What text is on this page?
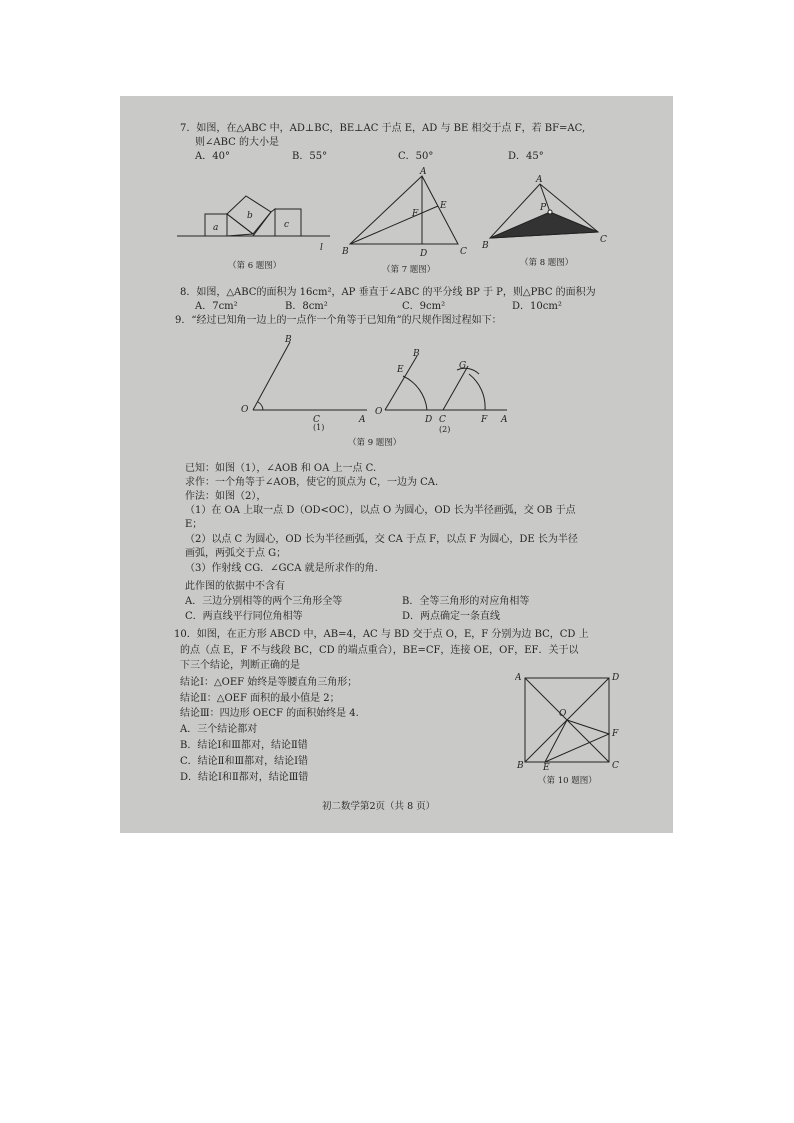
7．如图，在△ABC 中，AD⊥BC，BE⊥AC 于点 E，AD 与 BE 相交于点 F，若 BF=AC,
则∠ABC 的大小是
A．40°	B．55°	C．50°	D．45°
a
b
c
l
（第 6 题图）
A
E
F
B	D	C
（第 7 题图）
A
P
B
C
（第 8 题图）
8．如图，△ABC的面积为 16cm²，AP 垂直于∠ABC 的平分线 BP 于 P，则△PBC 的面积为
A．7cm²	B．8cm²	C．9cm²	D．10cm²
9．“经过已知角一边上的一点作一个角等于已知角”的尺规作图过程如下：
B
O
C	A
(1)
B
E	G
O
D C	F A
(2)
（第 9 题图）
已知：如图（1），∠AOB 和 OA 上一点 C.
求作：一个角等于∠AOB，使它的顶点为 C，一边为 CA.
作法：如图（2），
（1）在 OA 上取一点 D（OD<OC），以点 O 为圆心，OD 长为半径画弧，交 OB 于点
E；
（2）以点 C 为圆心，OD 长为半径画弧，交 CA 于点 F，以点 F 为圆心，DE 长为半径
画弧，两弧交于点 G；
（3）作射线 CG．∠GCA 就是所求作的角.
此作图的依据中不含有
A．三边分别相等的两个三角形全等	B．全等三角形的对应角相等
C．两直线平行同位角相等	D．两点确定一条直线
10．如图，在正方形 ABCD 中，AB=4，AC 与 BD 交于点 O，E，F 分别为边 BC，CD 上
的点（点 E，F 不与线段 BC，CD 的端点重合），BE=CF，连接 OE，OF，EF．关于以
下三个结论，判断正确的是
结论Ⅰ：△OEF 始终是等腰直角三角形；
结论Ⅱ：△OEF 面积的最小值是 2；
结论Ⅲ：四边形 OECF 的面积始终是 4.
A．三个结论都对
B．结论Ⅰ和Ⅲ都对，结论Ⅱ错
C．结论Ⅱ和Ⅲ都对，结论Ⅰ错
D．结论Ⅰ和Ⅱ都对，结论Ⅲ错
A	D
O
F
B E	C
（第 10 题图）
初二数学第2页（共 8 页）
